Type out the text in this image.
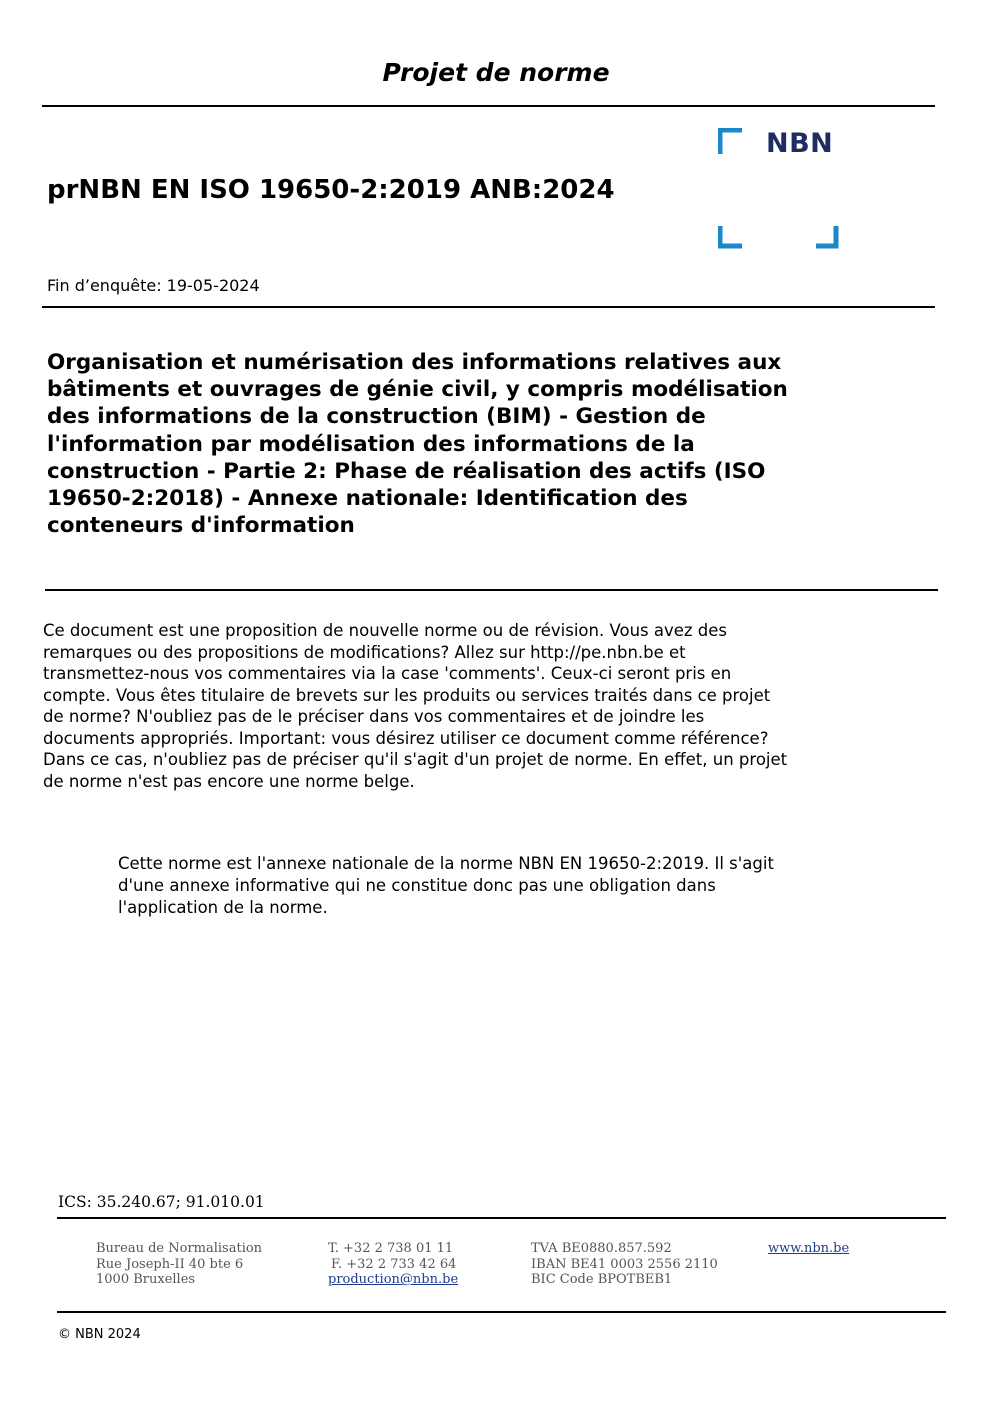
Projet de norme
NBN
prNBN EN ISO 19650-2:2019 ANB:2024
Fin d’enquête: 19-05-2024
Organisation et numérisation des informations relatives aux
bâtiments et ouvrages de génie civil, y compris modélisation
des informations de la construction (BIM) - Gestion de
l'information par modélisation des informations de la
construction - Partie 2: Phase de réalisation des actifs (ISO
19650-2:2018) - Annexe nationale: Identification des
conteneurs d'information
Ce document est une proposition de nouvelle norme ou de révision. Vous avez des
remarques ou des propositions de modifications? Allez sur http://pe.nbn.be et
transmettez-nous vos commentaires via la case 'comments'. Ceux-ci seront pris en
compte. Vous êtes titulaire de brevets sur les produits ou services traités dans ce projet
de norme? N'oubliez pas de le préciser dans vos commentaires et de joindre les
documents appropriés. Important: vous désirez utiliser ce document comme référence?
Dans ce cas, n'oubliez pas de préciser qu'il s'agit d'un projet de norme. En effet, un projet
de norme n'est pas encore une norme belge.
Cette norme est l'annexe nationale de la norme NBN EN 19650-2:2019. Il s'agit
d'une annexe informative qui ne constitue donc pas une obligation dans
l'application de la norme.
ICS: 35.240.67; 91.010.01
Bureau de Normalisation
Rue Joseph-II 40 bte 6
1000 Bruxelles
T. +32 2 738 01 11
F. +32 2 733 42 64
production@nbn.be
TVA BE0880.857.592
IBAN BE41 0003 2556 2110
BIC Code BPOTBEB1
www.nbn.be
© NBN 2024
